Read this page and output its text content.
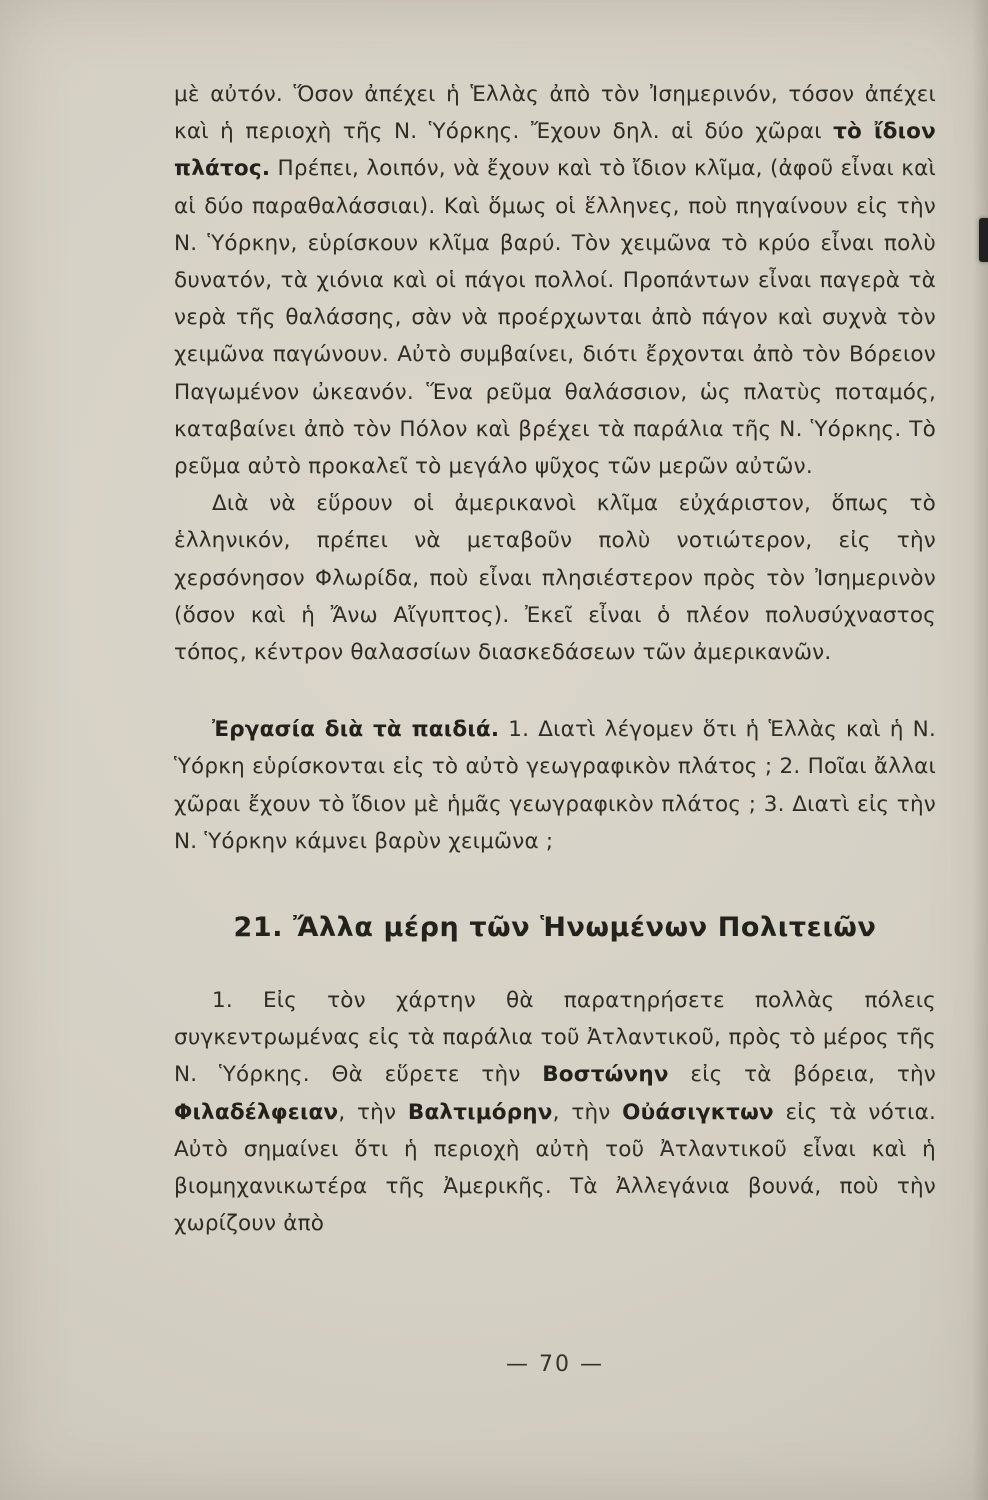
μὲ αὐτόν. Ὅσον ἀπέχει ἡ Ἑλλὰς ἀπὸ τὸν Ἰσημερινόν, τόσον ἀπέχει καὶ ἡ περιοχὴ τῆς Ν. Ὑόρκης. Ἔχουν δηλ. αἱ δύο χῶραι τὸ ἴδιον πλάτος. Πρέπει, λοιπόν, νὰ ἔχουν καὶ τὸ ἴδιον κλῖμα, (ἀφοῦ εἶναι καὶ αἱ δύο παραθαλάσσιαι). Καὶ ὅμως οἱ ἕλληνες, ποὺ πηγαίνουν εἰς τὴν Ν. Ὑόρκην, εὑρίσκουν κλῖμα βαρύ. Τὸν χειμῶνα τὸ κρύο εἶναι πολὺ δυνατόν, τὰ χιόνια καὶ οἱ πάγοι πολλοί. Προπάντων εἶναι παγερὰ τὰ νερὰ τῆς θαλάσσης, σὰν νὰ προέρχωνται ἀπὸ πάγον καὶ συχνὰ τὸν χειμῶνα παγώνουν. Αὐτὸ συμβαίνει, διότι ἔρχονται ἀπὸ τὸν Βόρειον Παγωμένον ὠκεανόν. Ἕνα ρεῦμα θαλάσσιον, ὡς πλατὺς ποταμός, καταβαίνει ἀπὸ τὸν Πόλον καὶ βρέχει τὰ παράλια τῆς Ν. Ὑόρκης. Τὸ ρεῦμα αὐτὸ προκαλεῖ τὸ μεγάλο ψῦχος τῶν μερῶν αὐτῶν.

Διὰ νὰ εὕρουν οἱ ἀμερικανοὶ κλῖμα εὐχάριστον, ὅπως τὸ ἑλληνικόν, πρέπει νὰ μεταβοῦν πολὺ νοτιώτερον, εἰς τὴν χερσόνησον Φλωρίδα, ποὺ εἶναι πλησιέστερον πρὸς τὸν Ἰσημερινὸν (ὅσον καὶ ἡ Ἄνω Αἴγυπτος). Ἐκεῖ εἶναι ὁ πλέον πολυσύχναστος τόπος, κέντρον θαλασσίων διασκεδάσεων τῶν ἀμερικανῶν.

Ἐργασία διὰ τὰ παιδιά. 1. Διατὶ λέγομεν ὅτι ἡ Ἑλλὰς καὶ ἡ Ν. Ὑόρκη εὑρίσκονται εἰς τὸ αὐτὸ γεωγραφικὸν πλάτος ; 2. Ποῖαι ἄλλαι χῶραι ἔχουν τὸ ἴδιον μὲ ἡμᾶς γεωγραφικὸν πλάτος ; 3. Διατὶ εἰς τὴν Ν. Ὑόρκην κάμνει βαρὺν χειμῶνα ;

21. Ἄλλα μέρη τῶν Ἡνωμένων Πολιτειῶν

1. Εἰς τὸν χάρτην θὰ παρατηρήσετε πολλὰς πόλεις συγκεντρωμένας εἰς τὰ παράλια τοῦ Ἀτλαντικοῦ, πρὸς τὸ μέρος τῆς Ν. Ὑόρκης. Θὰ εὕρετε τὴν Βοστώνην εἰς τὰ βόρεια, τὴν Φιλαδέλφειαν, τὴν Βαλτιμόρην, τὴν Οὐάσιγκτων εἰς τὰ νότια. Αὐτὸ σημαίνει ὅτι ἡ περιοχὴ αὐτὴ τοῦ Ἀτλαντικοῦ εἶναι καὶ ἡ βιομηχανικωτέρα τῆς Ἀμερικῆς. Τὰ Ἀλλεγάνια βουνά, ποὺ τὴν χωρίζουν ἀπὸ

— 70 —
